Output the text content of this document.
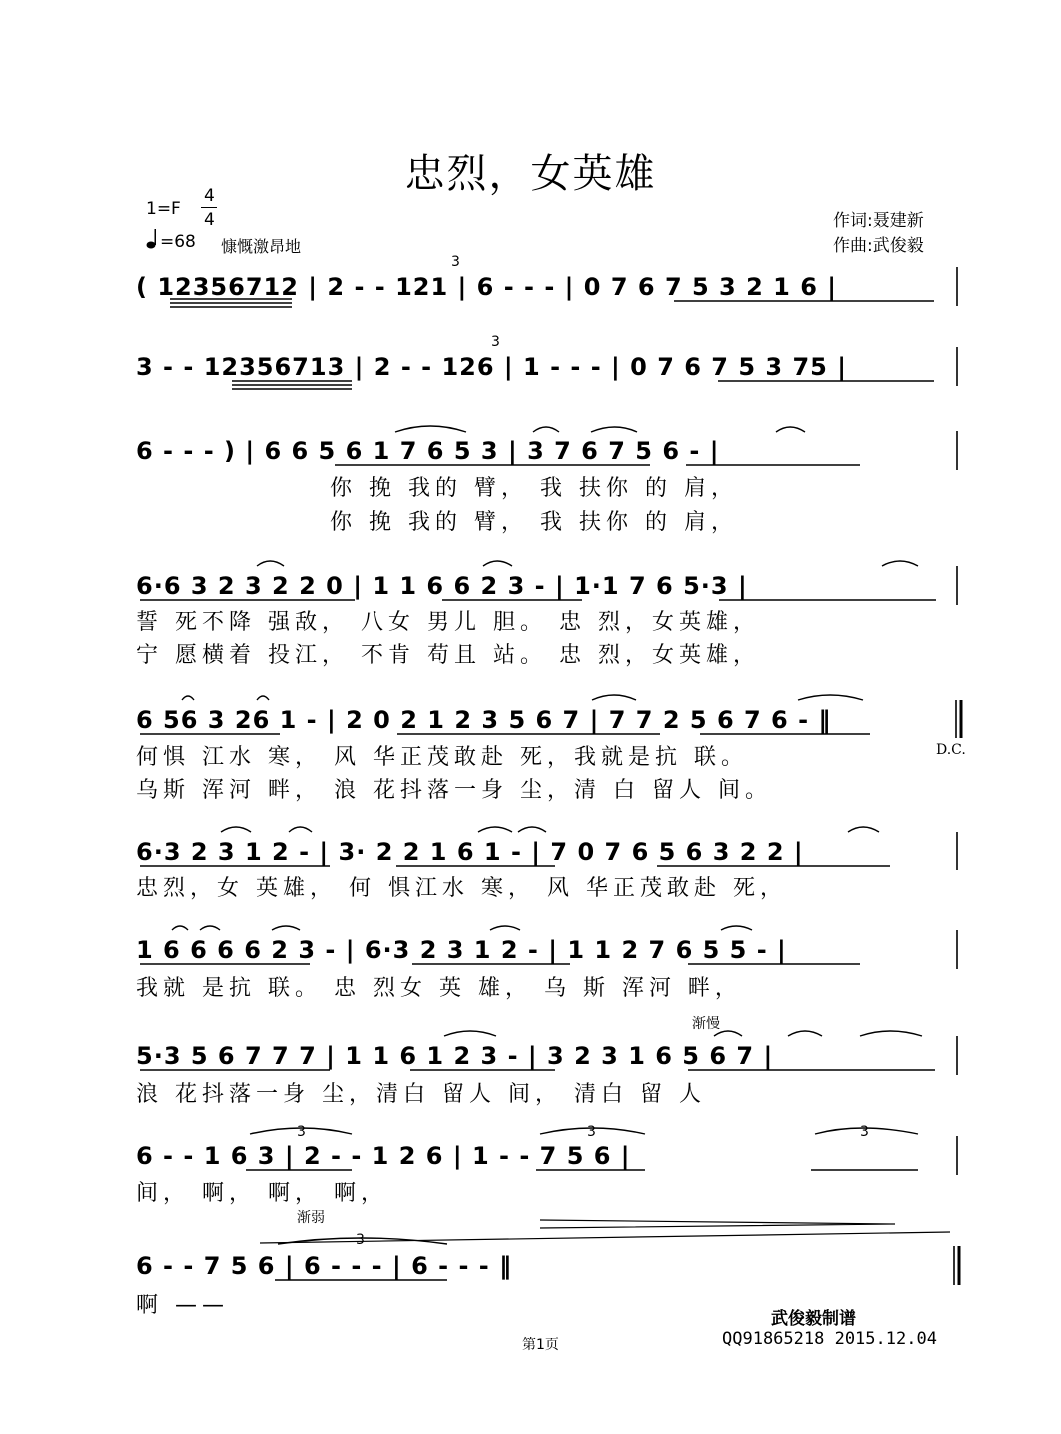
忠烈，女英雄
1=F
4
4
=68 慷慨激昂地
作词:聂建新
作曲:武俊毅
( 12356712 | 2 - - 121 | 6 - - - | 0 7 6 7 5 3 2 1 6 |
3 - - 12356713 | 2 - - 126 | 1 - - - | 0 7 6 7 5 3 75 |
6 - - - ) | 6 6 5 6 1 7 6 5 3 | 3 7 6 7 5 6 - |
你 挽 我的 臂， 我 扶你 的 肩，
你 挽 我的 臂， 我 扶你 的 肩，
6·6 3 2 3 2 2 0 | 1 1 6 6 2 3 - | 1·1 7 6 5·3 |
誓 死不降 强敌， 八女 男儿 胆。 忠 烈，女英雄，
宁 愿横着 投江， 不肯 苟且 站。 忠 烈，女英雄，
6 56 3 26 1 - | 2 0 2 1 2 3 5 6 7 | 7 7 2 5 6 7 6 - ‖
何惧 江水 寒， 风 华正茂敢赴 死，我就是抗 联。
乌斯 浑河 畔， 浪 花抖落一身 尘，清 白 留人 间。
D.C.
6·3 2 3 1 2 - | 3· 2 2 1 6 1 - | 7 0 7 6 5 6 3 2 2 |
忠烈，女 英雄， 何 惧江水 寒， 风 华正茂敢赴 死，
1 6 6 6 6 2 3 - | 6·3 2 3 1 2 - | 1 1 2 7 6 5 5 - |
我就 是抗 联。 忠 烈女 英 雄， 乌 斯 浑河 畔，
渐慢
5·3 5 6 7 7 7 | 1 1 6 1 2 3 - | 3 2 3 1 6 5 6 7 |
浪 花抖落一身 尘，清白 留人 间， 清白 留 人
6 - - 1 6 3 | 2 - - 1 2 6 | 1 - - 7 5 6 |
间， 啊， 啊， 啊，
渐弱
6 - - 7 5 6 | 6 - - - | 6 - - - ‖
啊 ——
3
3
3	3	3
3
武俊毅制谱
QQ91865218 2015.12.04
第1页
